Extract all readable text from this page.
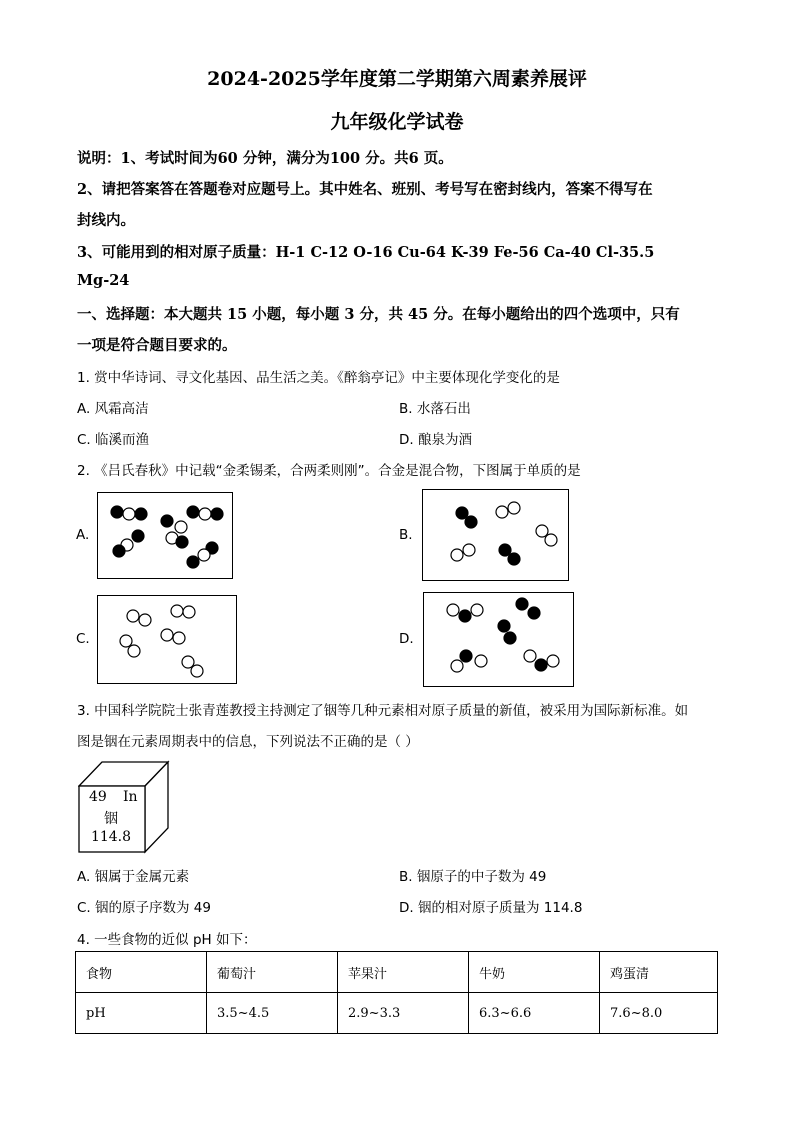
2024-2025学年度第二学期第六周素养展评
九年级化学试卷
说明：1、考试时间为60 分钟，满分为100 分。共6 页。
2、请把答案答在答题卷对应题号上。其中姓名、班别、考号写在密封线内，答案不得写在
封线内。
3、可能用到的相对原子质量：H-1 C-12 O-16 Cu-64 K-39 Fe-56 Ca-40 Cl-35.5
Mg-24
一、选择题：本大题共 15 小题，每小题 3 分，共 45 分。在每小题给出的四个选项中，只有
一项是符合题目要求的。
1. 赏中华诗词、寻文化基因、品生活之美。《醉翁亭记》中主要体现化学变化的是
A. 风霜高洁	B. 水落石出
C. 临溪而渔	D. 酿泉为酒
2. 《吕氏春秋》中记载“金柔锡柔，合两柔则刚”。合金是混合物，下图属于单质的是
A.	B.
C.	D.
3. 中国科学院院士张青莲教授主持测定了铟等几种元素相对原子质量的新值，被采用为国际新标准。如
图是铟在元素周期表中的信息，下列说法不正确的是（ ）
49 In
铟
114.8
A. 铟属于金属元素	B. 铟原子的中子数为 49
C. 铟的原子序数为 49	D. 铟的相对原子质量为 114.8
4. 一些食物的近似 pH 如下：
食物	葡萄汁	苹果汁	牛奶	鸡蛋清
pH	3.5~4.5	2.9~3.3	6.3~6.6	7.6~8.0
